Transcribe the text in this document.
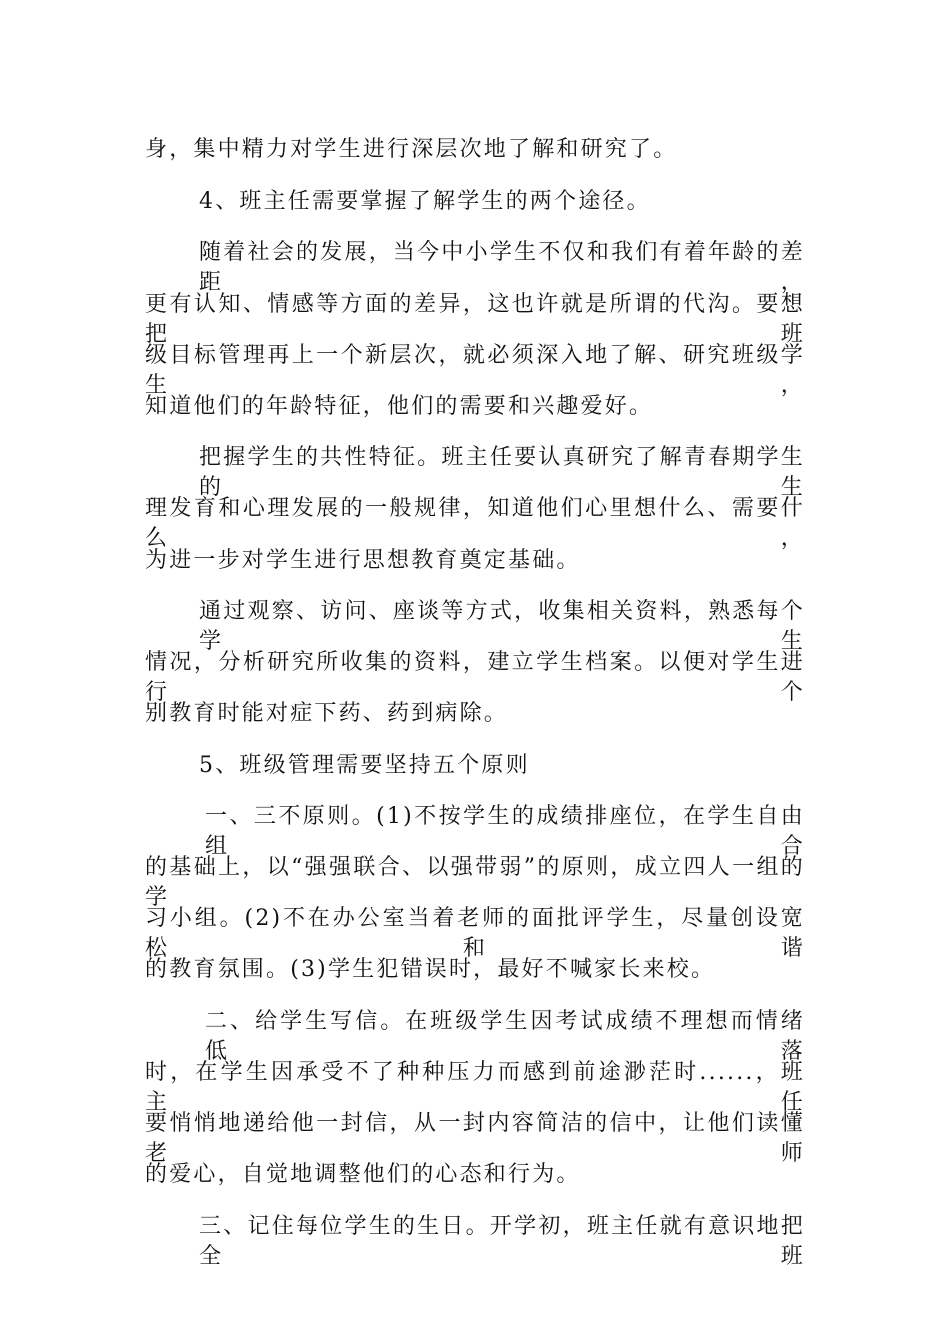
身，集中精力对学生进行深层次地了解和研究了。
4、班主任需要掌握了解学生的两个途径。
随着社会的发展，当今中小学生不仅和我们有着年龄的差距，
更有认知、情感等方面的差异，这也许就是所谓的代沟。要想把班
级目标管理再上一个新层次，就必须深入地了解、研究班级学生，
知道他们的年龄特征，他们的需要和兴趣爱好。
把握学生的共性特征。班主任要认真研究了解青春期学生的生
理发育和心理发展的一般规律，知道他们心里想什么、需要什么，
为进一步对学生进行思想教育奠定基础。
通过观察、访问、座谈等方式，收集相关资料，熟悉每个学生
情况，分析研究所收集的资料，建立学生档案。以便对学生进行个
别教育时能对症下药、药到病除。
5、班级管理需要坚持五个原则
一、三不原则。(1)不按学生的成绩排座位，在学生自由组合
的基础上，以“强强联合、以强带弱”的原则，成立四人一组的学
习小组。(2)不在办公室当着老师的面批评学生，尽量创设宽松和谐
的教育氛围。(3)学生犯错误时，最好不喊家长来校。
二、给学生写信。在班级学生因考试成绩不理想而情绪低落
时，在学生因承受不了种种压力而感到前途渺茫时......，班主任
要悄悄地递给他一封信，从一封内容简洁的信中，让他们读懂老师
的爱心，自觉地调整他们的心态和行为。
三、记住每位学生的生日。开学初，班主任就有意识地把全班
